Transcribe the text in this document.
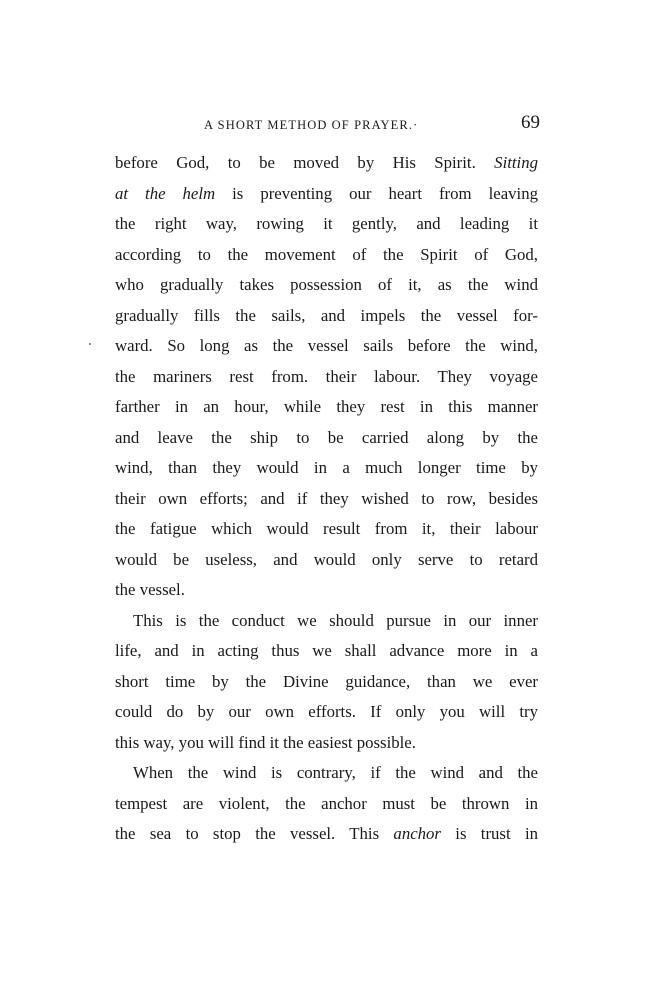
A SHORT METHOD OF PRAYER.·	69
before God, to be moved by His Spirit. Sitting
at the helm is preventing our heart from leaving
the right way, rowing it gently, and leading it
according to the movement of the Spirit of God,
who gradually takes possession of it, as the wind
gradually fills the sails, and impels the vessel for-
ward. So long as the vessel sails before the wind,
the mariners rest from. their labour. They voyage
farther in an hour, while they rest in this manner
and leave the ship to be carried along by the
wind, than they would in a much longer time by
their own efforts; and if they wished to row, besides
the fatigue which would result from it, their labour
would be useless, and would only serve to retard
the vessel.
This is the conduct we should pursue in our inner
life, and in acting thus we shall advance more in a
short time by the Divine guidance, than we ever
could do by our own efforts. If only you will try
this way, you will find it the easiest possible.
When the wind is contrary, if the wind and the
tempest are violent, the anchor must be thrown in
the sea to stop the vessel. This anchor is trust in
